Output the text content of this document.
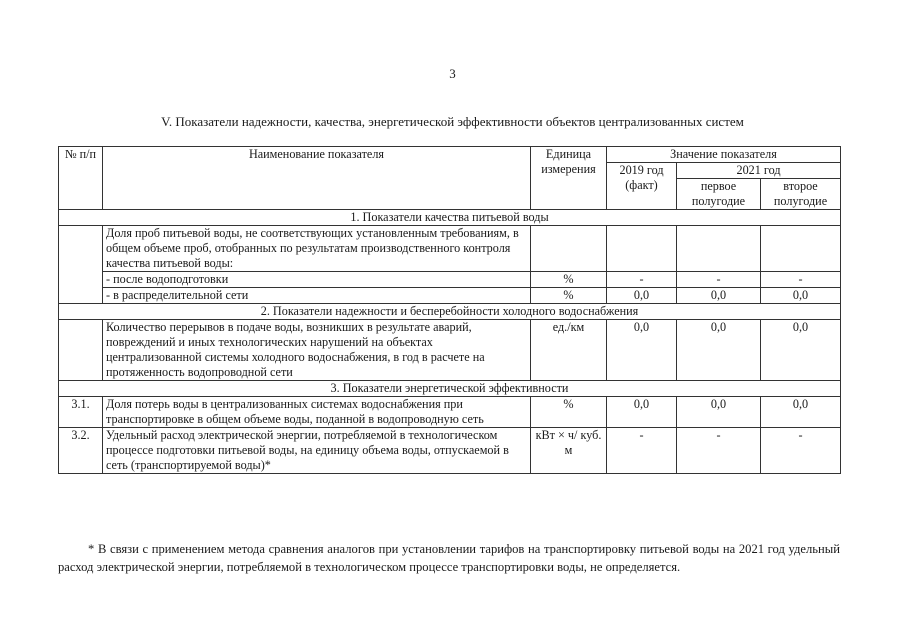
3
V. Показатели надежности, качества, энергетической эффективности объектов централизованных систем
№ п/п	Наименование показателя	Единица измерения	Значение показателя		
			2019 год (факт)	2021 год	
				первое полугодие	второе полугодие
1. Показатели качества питьевой воды					
	Доля проб питьевой воды, не соответствующих установленным требованиям, в общем объеме проб, отобранных по результатам производственного контроля качества питьевой воды:				
	- после водоподготовки	%	-	-	-
	- в распределительной сети	%	0,0	0,0	0,0
2. Показатели надежности и бесперебойности холодного водоснабжения					
	Количество перерывов в подаче воды, возникших в результате аварий, повреждений и иных технологических нарушений на объектах централизованной системы холодного водоснабжения, в год в расчете на протяженность водопроводной сети	ед./км	0,0	0,0	0,0
3. Показатели энергетической эффективности					
3.1.	Доля потерь воды в централизованных системах водоснабжения при транспортировке в общем объеме воды, поданной в водопроводную сеть	%	0,0	0,0	0,0
3.2.	Удельный расход электрической энергии, потребляемой в технологическом процессе подготовки питьевой воды, на единицу объема воды, отпускаемой в сеть (транспортируемой воды)*	кВт × ч/ куб. м	-	-	-
* В связи с применением метода сравнения аналогов при установлении тарифов на транспортировку питьевой воды на 2021 год удельный расход электрической энергии, потребляемой в технологическом процессе транспортировки воды, не определяется.
